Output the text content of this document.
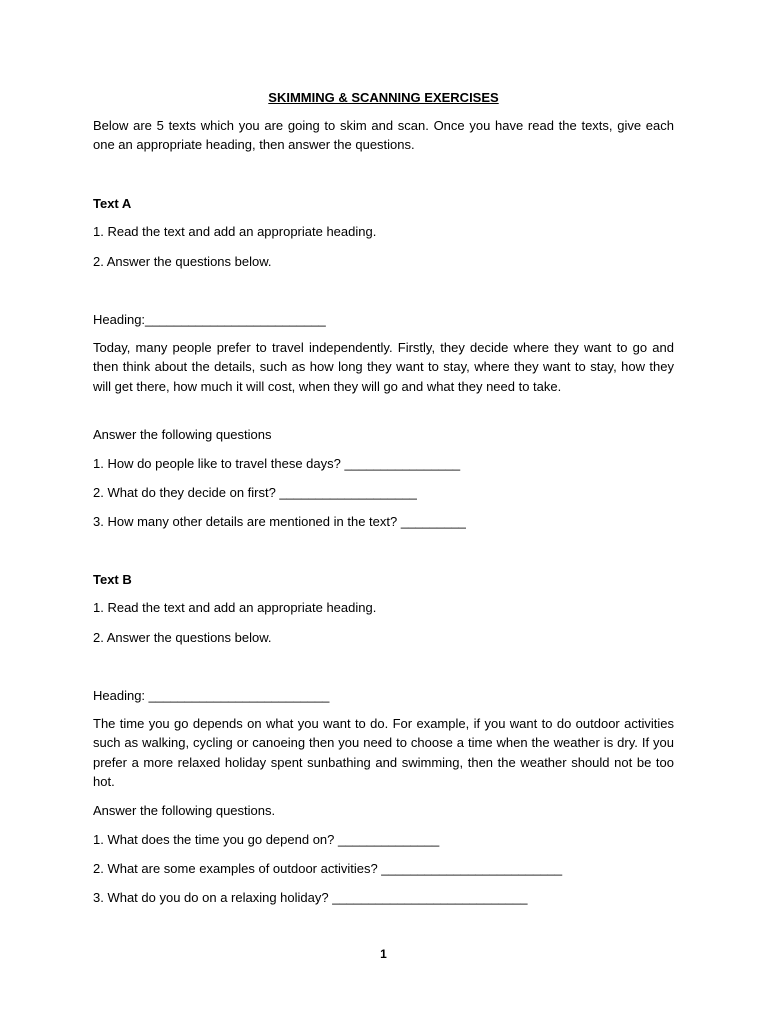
SKIMMING & SCANNING EXERCISES
Below are 5 texts which you are going to skim and scan. Once you have read the texts, give each one an appropriate heading, then answer the questions.
Text A
1. Read the text and add an appropriate heading.
2. Answer the questions below.
Heading:_________________________
Today, many people prefer to travel independently. Firstly, they decide where they want to go and then think about the details, such as how long they want to stay, where they want to stay, how they will get there, how much it will cost, when they will go and what they need to take.
Answer the following questions
1. How do people like to travel these days? ________________
2. What do they decide on first? ___________________
3. How many other details are mentioned in the text? _________
Text B
1. Read the text and add an appropriate heading.
2. Answer the questions below.
Heading: _________________________
The time you go depends on what you want to do. For example, if you want to do outdoor activities such as walking, cycling or canoeing then you need to choose a time when the weather is dry. If you prefer a more relaxed holiday spent sunbathing and swimming, then the weather should not be too hot.
Answer the following questions.
1. What does the time you go depend on? ______________
2. What are some examples of outdoor activities? _________________________
3. What do you do on a relaxing holiday? ___________________________
1
